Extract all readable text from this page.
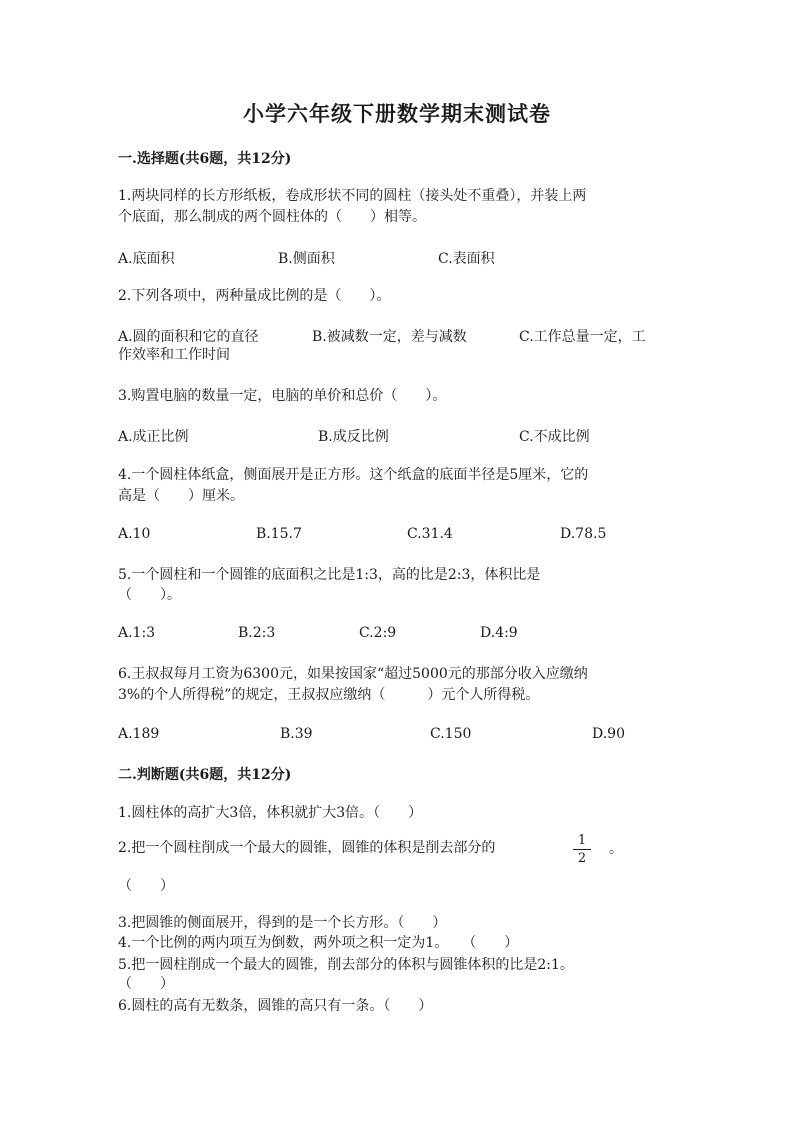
小学六年级下册数学期末测试卷
一.选择题(共6题，共12分)
1.两块同样的长方形纸板，卷成形状不同的圆柱（接头处不重叠），并装上两
个底面，那么制成的两个圆柱体的（　　）相等。
A.底面积	B.侧面积	C.表面积
2.下列各项中，两种量成比例的是（　　）。
A.圆的面积和它的直径	B.被减数一定，差与减数	C.工作总量一定，工
作效率和工作时间
3.购置电脑的数量一定，电脑的单价和总价（　　）。
A.成正比例	B.成反比例	C.不成比例
4.一个圆柱体纸盒，侧面展开是正方形。这个纸盒的底面半径是5厘米，它的
高是（　　）厘米。
A.10	B.15.7	C.31.4	D.78.5
5.一个圆柱和一个圆锥的底面积之比是1:3，高的比是2:3，体积比是
（　　）。
A.1:3	B.2:3	C.2:9	D.4:9
6.王叔叔每月工资为6300元，如果按国家“超过5000元的那部分收入应缴纳
3%的个人所得税”的规定，王叔叔应缴纳（　　　）元个人所得税。
A.189	B.39	C.150	D.90
二.判断题(共6题，共12分)
1.圆柱体的高扩大3倍，体积就扩大3倍。（　　）
2.把一个圆柱削成一个最大的圆锥，圆锥的体积是削去部分的	1
2
。
（　　）
3.把圆锥的侧面展开，得到的是一个长方形。（　　）
4.一个比例的两内项互为倒数，两外项之积一定为1。　　（　　）
5.把一圆柱削成一个最大的圆锥，削去部分的体积与圆锥体积的比是2:1。
（　　）
6.圆柱的高有无数条，圆锥的高只有一条。（　　）
